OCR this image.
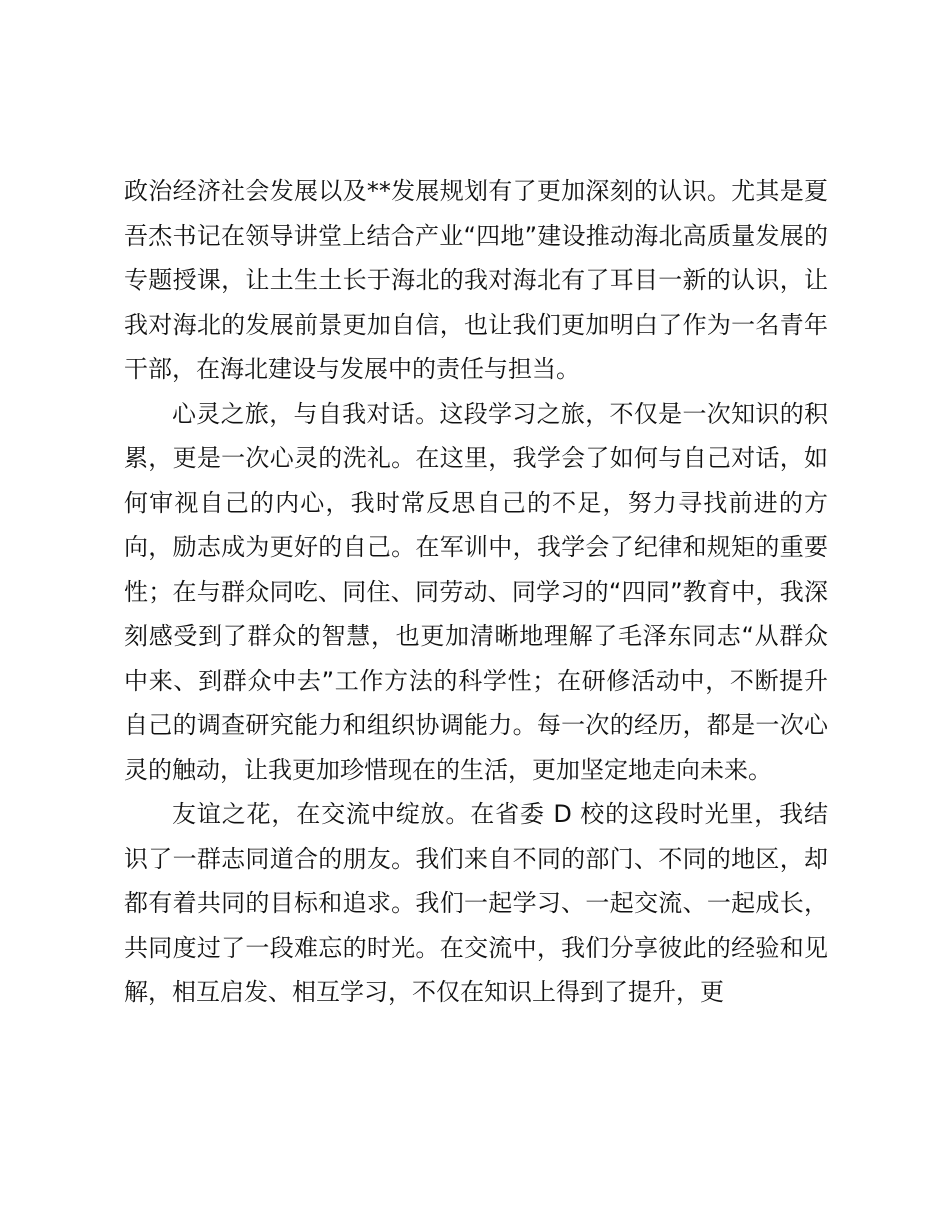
政治经济社会发展以及**发展规划有了更加深刻的认识。尤其是夏吾杰书记在领导讲堂上结合产业“四地”建设推动海北高质量发展的专题授课，让土生土长于海北的我对海北有了耳目一新的认识，让我对海北的发展前景更加自信，也让我们更加明白了作为一名青年干部，在海北建设与发展中的责任与担当。

心灵之旅，与自我对话。这段学习之旅，不仅是一次知识的积累，更是一次心灵的洗礼。在这里，我学会了如何与自己对话，如何审视自己的内心，我时常反思自己的不足，努力寻找前进的方向，励志成为更好的自己。在军训中，我学会了纪律和规矩的重要性；在与群众同吃、同住、同劳动、同学习的“四同”教育中，我深刻感受到了群众的智慧，也更加清晰地理解了毛泽东同志“从群众中来、到群众中去”工作方法的科学性；在研修活动中，不断提升自己的调查研究能力和组织协调能力。每一次的经历，都是一次心灵的触动，让我更加珍惜现在的生活，更加坚定地走向未来。

友谊之花，在交流中绽放。在省委 D 校的这段时光里，我结识了一群志同道合的朋友。我们来自不同的部门、不同的地区，却都有着共同的目标和追求。我们一起学习、一起交流、一起成长，共同度过了一段难忘的时光。在交流中，我们分享彼此的经验和见解，相互启发、相互学习，不仅在知识上得到了提升，更
